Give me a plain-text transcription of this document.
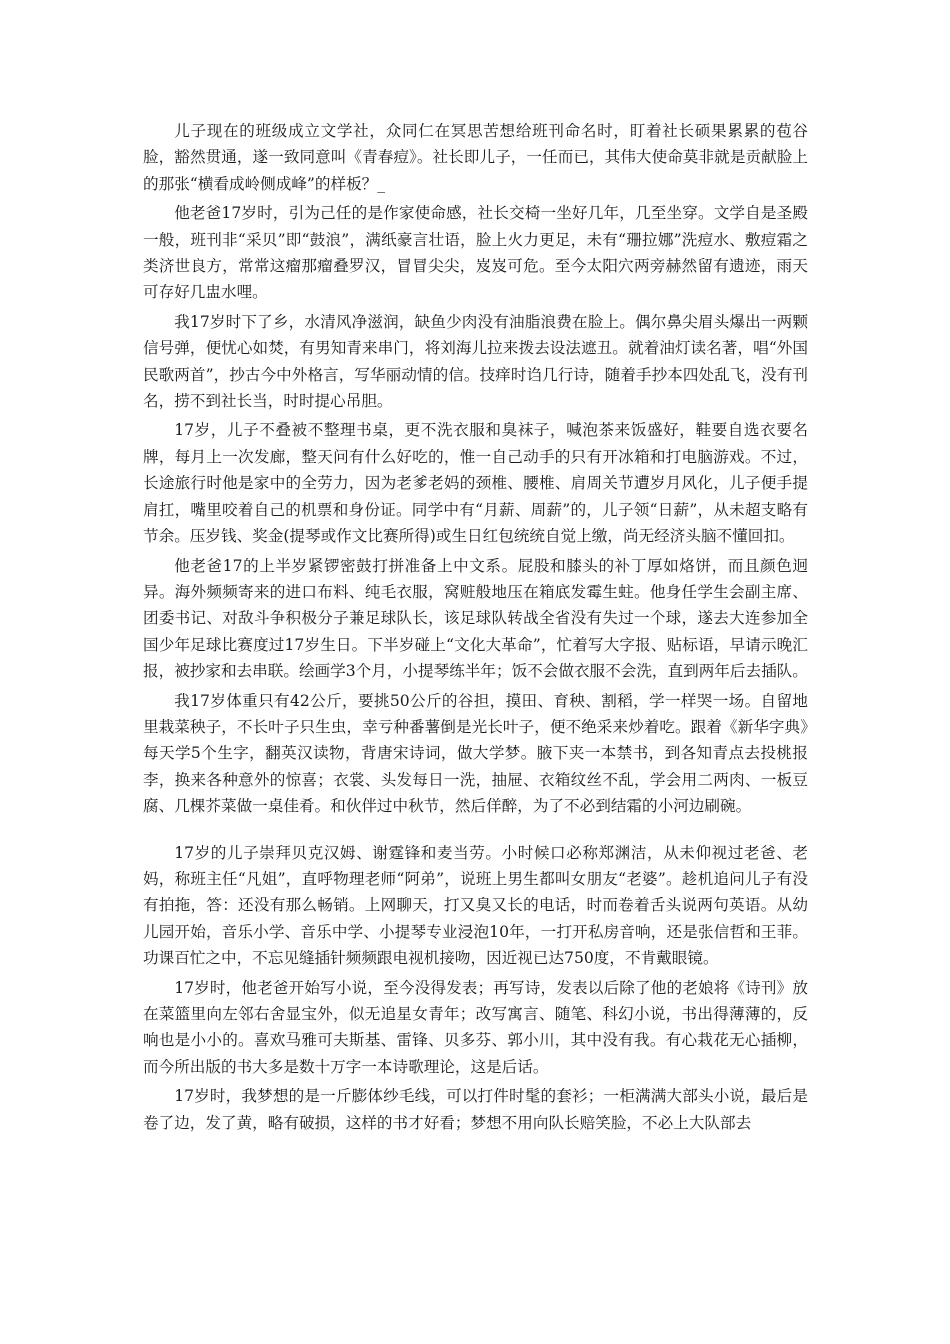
儿子现在的班级成立文学社，众同仁在冥思苦想给班刊命名时，盯着社长硕果累累的苞谷脸，豁然贯通，遂一致同意叫《青春痘》。社长即儿子，一任而已，其伟大使命莫非就是贡献脸上的那张“横看成岭侧成峰”的样板？_

他老爸17岁时，引为己任的是作家使命感，社长交椅一坐好几年，几至坐穿。文学自是圣殿一般，班刊非“采贝”即“鼓浪”，满纸豪言壮语，脸上火力更足，未有“珊拉娜”洗痘水、敷痘霜之类济世良方，常常这瘤那瘤叠罗汉，冒冒尖尖，岌岌可危。至今太阳穴两旁赫然留有遗迹，雨天可存好几盅水哩。

我17岁时下了乡，水清风净滋润，缺鱼少肉没有油脂浪费在脸上。偶尔鼻尖眉头爆出一两颗信号弹，便忧心如焚，有男知青来串门，将刘海儿拉来拨去设法遮丑。就着油灯读名著，唱“外国民歌两首”，抄古今中外格言，写华丽动情的信。技痒时诌几行诗，随着手抄本四处乱飞，没有刊名，捞不到社长当，时时提心吊胆。

17岁，儿子不叠被不整理书桌，更不洗衣服和臭袜子，喊泡茶来饭盛好，鞋要自选衣要名牌，每月上一次发廊，整天问有什么好吃的，惟一自己动手的只有开冰箱和打电脑游戏。不过，长途旅行时他是家中的全劳力，因为老爹老妈的颈椎、腰椎、肩周关节遭岁月风化，儿子便手提肩扛，嘴里咬着自己的机票和身份证。同学中有“月薪、周薪”的，儿子领“日薪”，从未超支略有节余。压岁钱、奖金(提琴或作文比赛所得)或生日红包统统自觉上缴，尚无经济头脑不懂回扣。

他老爸17的上半岁紧锣密鼓打拼准备上中文系。屁股和膝头的补丁厚如烙饼，而且颜色迥异。海外频频寄来的进口布料、纯毛衣服，窝赃般地压在箱底发霉生蛀。他身任学生会副主席、团委书记、对敌斗争积极分子兼足球队长，该足球队转战全省没有失过一个球，遂去大连参加全国少年足球比赛度过17岁生日。下半岁碰上“文化大革命”，忙着写大字报、贴标语，早请示晚汇报，被抄家和去串联。绘画学3个月，小提琴练半年；饭不会做衣服不会洗，直到两年后去插队。

我17岁体重只有42公斤，要挑50公斤的谷担，摸田、育秧、割稻，学一样哭一场。自留地里栽菜秧子，不长叶子只生虫，幸亏种番薯倒是光长叶子，便不绝采来炒着吃。跟着《新华字典》每天学5个生字，翻英汉读物，背唐宋诗词，做大学梦。腋下夹一本禁书，到各知青点去投桃报李，换来各种意外的惊喜；衣裳、头发每日一洗，抽屉、衣箱纹丝不乱，学会用二两肉、一板豆腐、几棵芥菜做一桌佳肴。和伙伴过中秋节，然后佯醉，为了不必到结霜的小河边刷碗。

17岁的儿子崇拜贝克汉姆、谢霆锋和麦当劳。小时候口必称郑渊洁，从未仰视过老爸、老妈，称班主任“凡姐”，直呼物理老师“阿弟”，说班上男生都叫女朋友“老婆”。趁机追问儿子有没有拍拖，答：还没有那么畅销。上网聊天，打又臭又长的电话，时而卷着舌头说两句英语。从幼儿园开始，音乐小学、音乐中学、小提琴专业浸泡10年，一打开私房音响，还是张信哲和王菲。功课百忙之中，不忘见缝插针频频跟电视机接吻，因近视已达750度，不肯戴眼镜。

17岁时，他老爸开始写小说，至今没得发表；再写诗，发表以后除了他的老娘将《诗刊》放在菜篮里向左邻右舍显宝外，似无追星女青年；改写寓言、随笔、科幻小说，书出得薄薄的，反响也是小小的。喜欢马雅可夫斯基、雷锋、贝多芬、郭小川，其中没有我。有心栽花无心插柳，而今所出版的书大多是数十万字一本诗歌理论，这是后话。

17岁时，我梦想的是一斤膨体纱毛线，可以打件时髦的套衫；一柜满满大部头小说，最后是卷了边，发了黄，略有破损，这样的书才好看；梦想不用向队长赔笑脸，不必上大队部去
